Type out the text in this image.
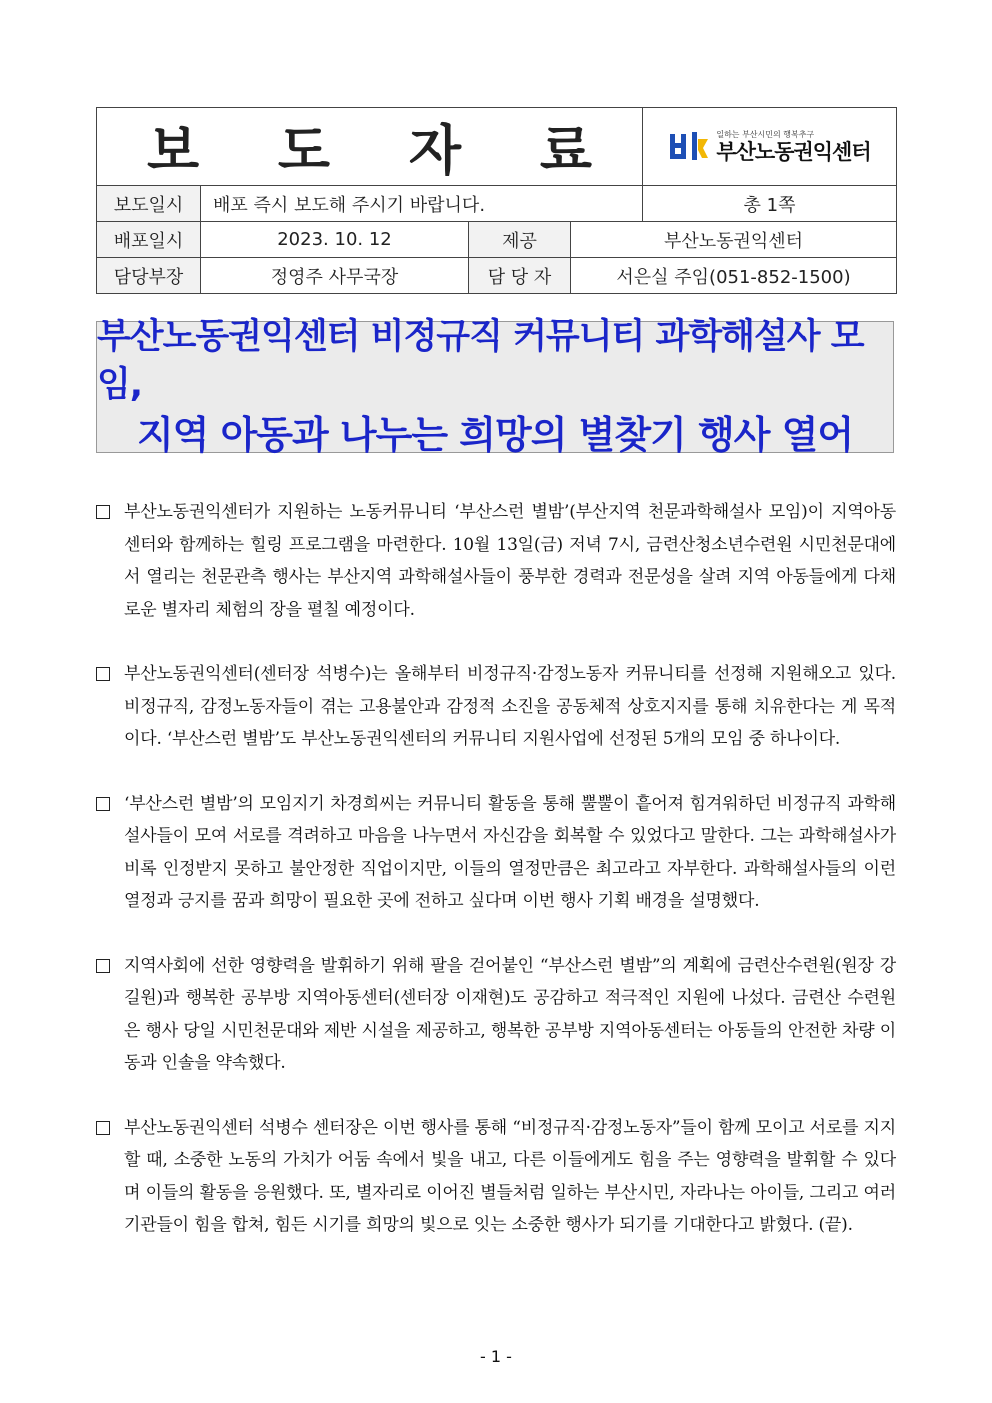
보 도 자 료				일하는 부산시민의 행복추구
부산노동권익센터

보도일시	배포 즉시 보도해 주시기 바랍니다.			총 1쪽
배포일시	2023. 10. 12	제공	부산노동권익센터	
담당부장	정영주 사무국장	담 당 자	서은실 주임(051-852-1500)	
부산노동권익센터 비정규직 커뮤니티 과학해설사 모임,
지역 아동과 나누는 희망의 별찾기 행사 열어
부산노동권익센터가 지원하는 노동커뮤니티 ‘부산스런 별밤’(부산지역 천문과학해설사 모임)이 지역아동센터와 함께하는 힐링 프로그램을 마련한다. 10월 13일(금) 저녁 7시, 금련산청소년수련원 시민천문대에서 열리는 천문관측 행사는 부산지역 과학해설사들이 풍부한 경력과 전문성을 살려 지역 아동들에게 다채로운 별자리 체험의 장을 펼칠 예정이다.
부산노동권익센터(센터장 석병수)는 올해부터 비정규직·감정노동자 커뮤니티를 선정해 지원해오고 있다. 비정규직, 감정노동자들이 겪는 고용불안과 감정적 소진을 공동체적 상호지지를 통해 치유한다는 게 목적이다. ‘부산스런 별밤’도 부산노동권익센터의 커뮤니티 지원사업에 선정된 5개의 모임 중 하나이다.
‘부산스런 별밤’의 모임지기 차경희씨는 커뮤니티 활동을 통해 뿔뿔이 흩어져 힘겨워하던 비정규직 과학해설사들이 모여 서로를 격려하고 마음을 나누면서 자신감을 회복할 수 있었다고 말한다. 그는 과학해설사가 비록 인정받지 못하고 불안정한 직업이지만, 이들의 열정만큼은 최고라고 자부한다. 과학해설사들의 이런 열정과 긍지를 꿈과 희망이 필요한 곳에 전하고 싶다며 이번 행사 기획 배경을 설명했다.
지역사회에 선한 영향력을 발휘하기 위해 팔을 걷어붙인 “부산스런 별밤”의 계획에 금련산수련원(원장 강길원)과 행복한 공부방 지역아동센터(센터장 이재현)도 공감하고 적극적인 지원에 나섰다. 금련산 수련원은 행사 당일 시민천문대와 제반 시설을 제공하고, 행복한 공부방 지역아동센터는 아동들의 안전한 차량 이동과 인솔을 약속했다.
부산노동권익센터 석병수 센터장은 이번 행사를 통해 “비정규직·감정노동자”들이 함께 모이고 서로를 지지할 때, 소중한 노동의 가치가 어둠 속에서 빛을 내고, 다른 이들에게도 힘을 주는 영향력을 발휘할 수 있다며 이들의 활동을 응원했다. 또, 별자리로 이어진 별들처럼 일하는 부산시민, 자라나는 아이들, 그리고 여러 기관들이 힘을 합쳐, 힘든 시기를 희망의 빛으로 잇는 소중한 행사가 되기를 기대한다고 밝혔다. (끝).
- 1 -
